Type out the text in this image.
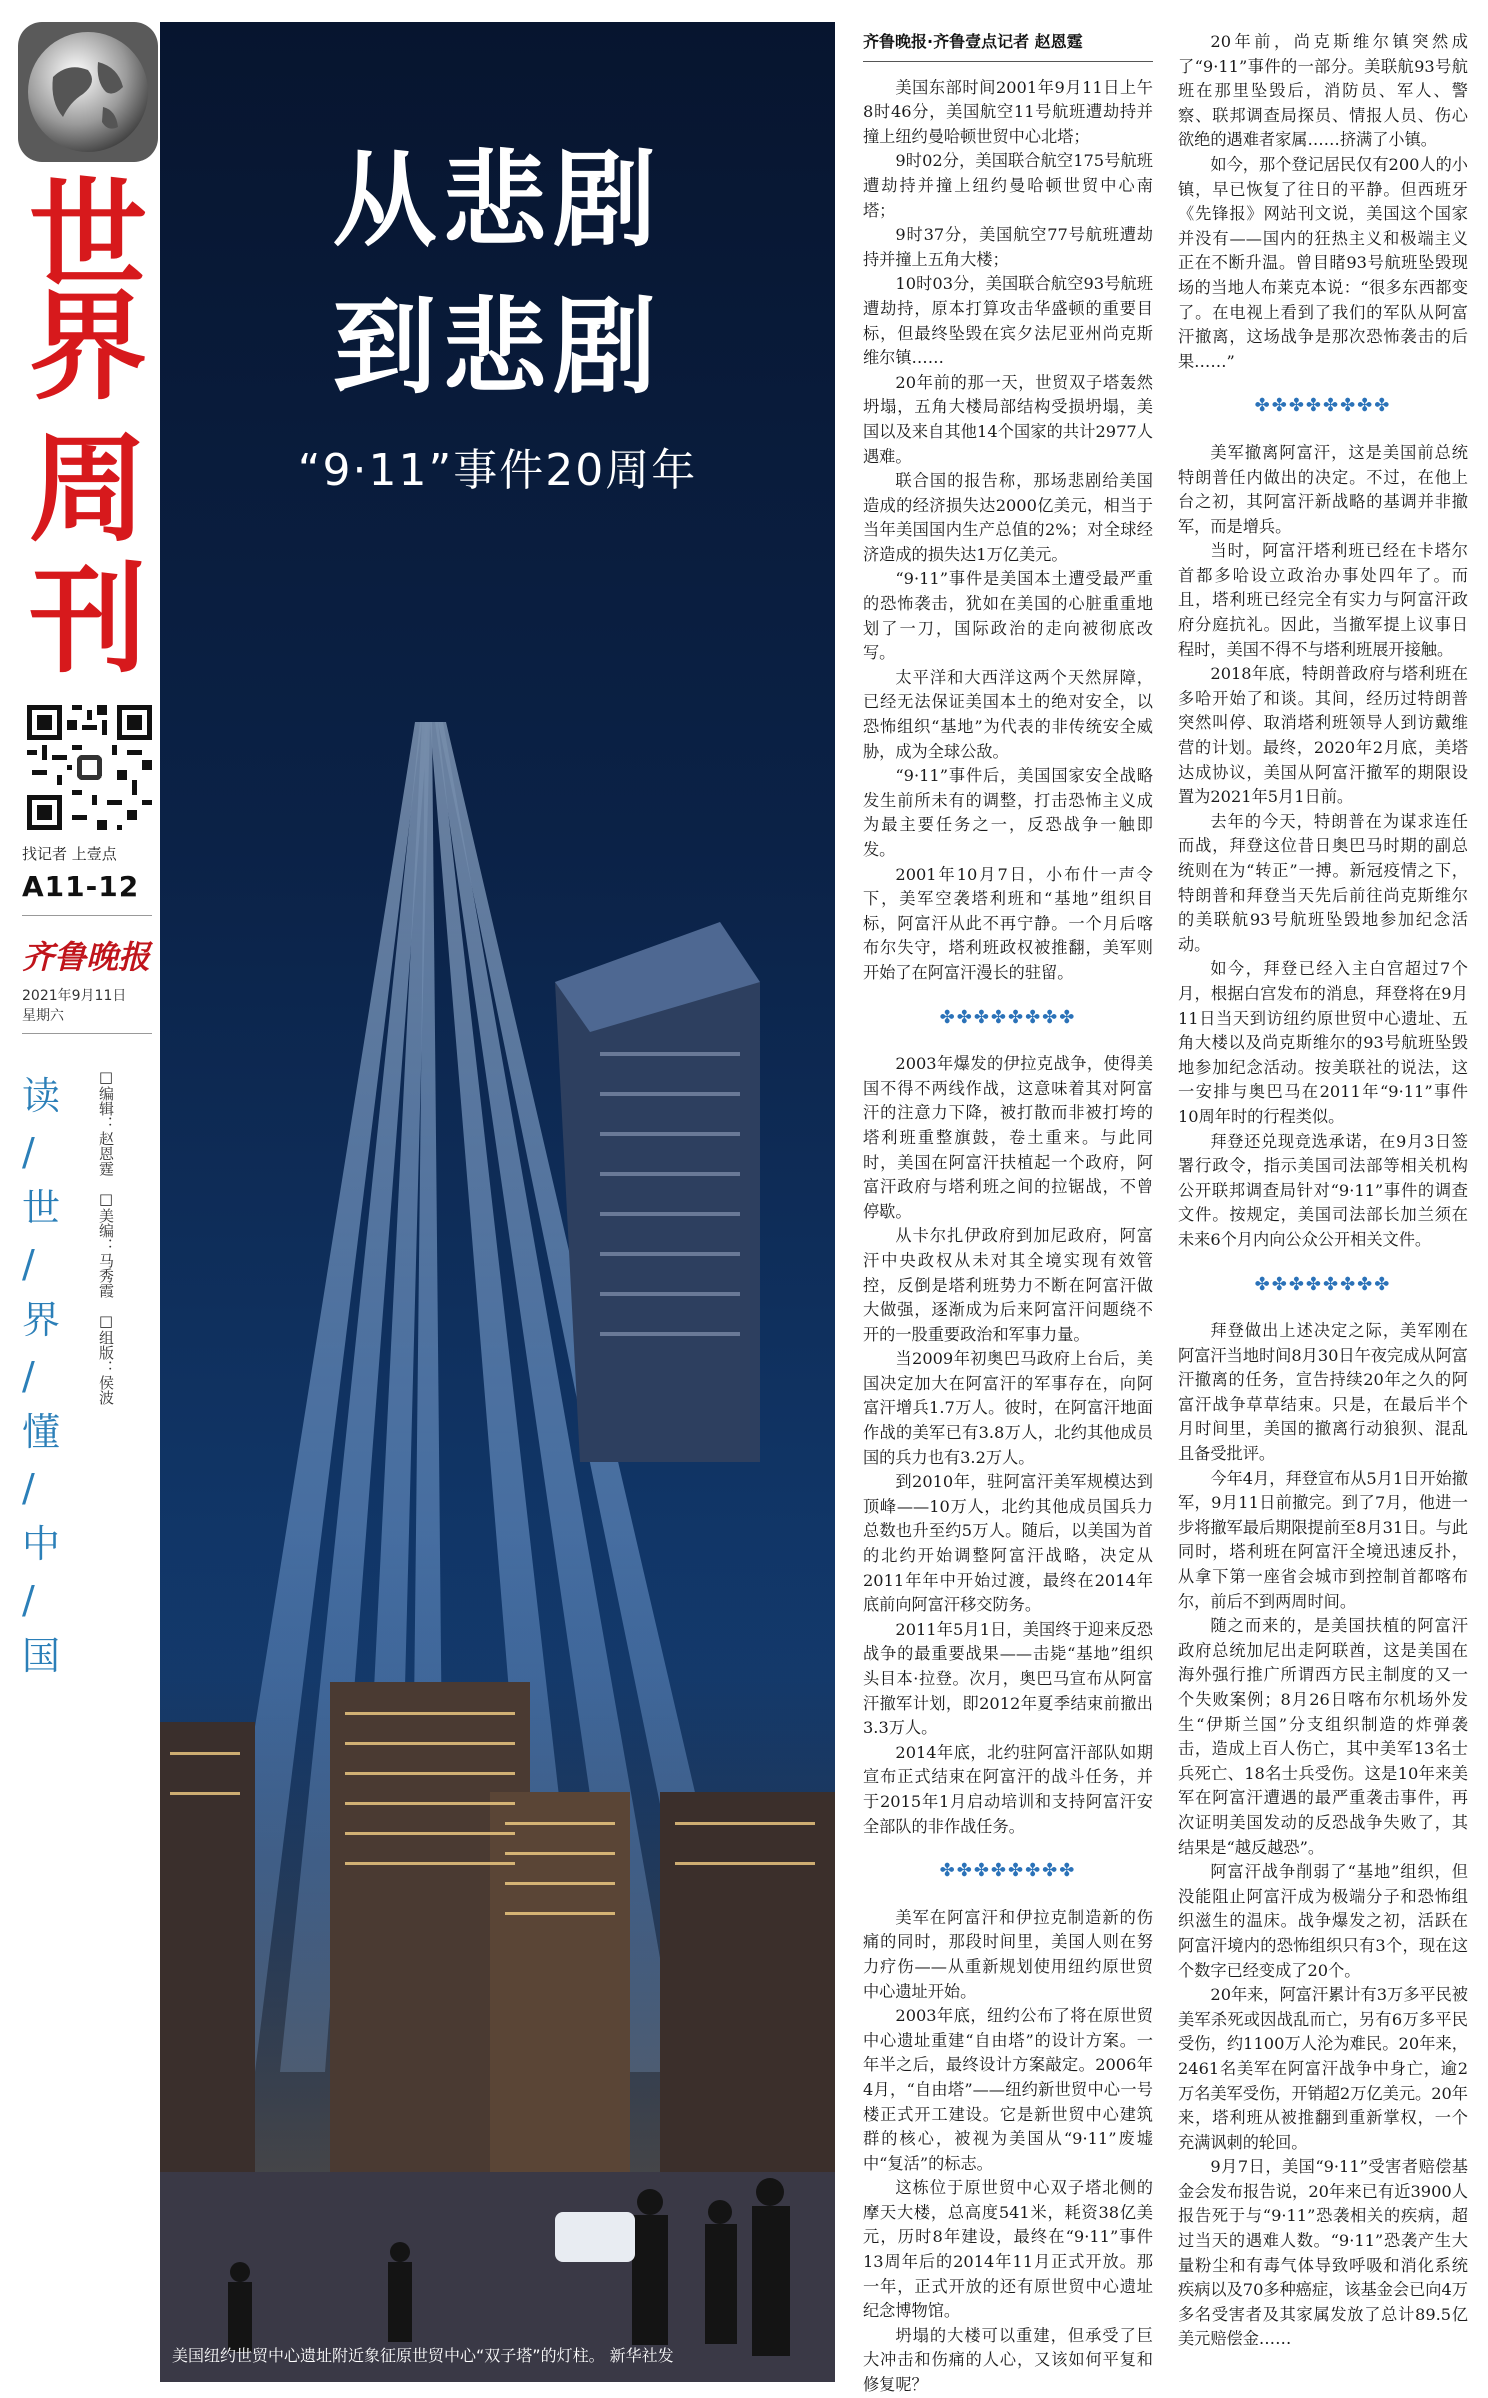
世
界
周
刊
找记者 上壹点
A11-12
齐鲁晚报
2021年9月11日
星期六
读
/
世
/
界
/
懂
/
中
/
国
□编辑：赵恩霆
□美编：马秀霞
□组版：侯波
从悲剧
到悲剧
“9·11”事件20周年
美国纽约世贸中心遗址附近象征原世贸中心“双子塔”的灯柱。 新华社发
齐鲁晚报·齐鲁壹点记者 赵恩霆

美国东部时间2001年9月11日上午8时46分，美国航空11号航班遭劫持并撞上纽约曼哈顿世贸中心北塔；

9时02分，美国联合航空175号航班遭劫持并撞上纽约曼哈顿世贸中心南塔；

9时37分，美国航空77号航班遭劫持并撞上五角大楼；

10时03分，美国联合航空93号航班遭劫持，原本打算攻击华盛顿的重要目标，但最终坠毁在宾夕法尼亚州尚克斯维尔镇……

20年前的那一天，世贸双子塔轰然坍塌，五角大楼局部结构受损坍塌，美国以及来自其他14个国家的共计2977人遇难。

联合国的报告称，那场悲剧给美国造成的经济损失达2000亿美元，相当于当年美国国内生产总值的2%；对全球经济造成的损失达1万亿美元。

“9·11”事件是美国本土遭受最严重的恐怖袭击，犹如在美国的心脏重重地划了一刀，国际政治的走向被彻底改写。

太平洋和大西洋这两个天然屏障，已经无法保证美国本土的绝对安全，以恐怖组织“基地”为代表的非传统安全威胁，成为全球公敌。

“9·11”事件后，美国国家安全战略发生前所未有的调整，打击恐怖主义成为最主要任务之一，反恐战争一触即发。

2001年10月7日，小布什一声令下，美军空袭塔利班和“基地”组织目标，阿富汗从此不再宁静。一个月后喀布尔失守，塔利班政权被推翻，美军则开始了在阿富汗漫长的驻留。

✤✤✤✤✤✤✤✤

2003年爆发的伊拉克战争，使得美国不得不两线作战，这意味着其对阿富汗的注意力下降，被打散而非被打垮的塔利班重整旗鼓，卷土重来。与此同时，美国在阿富汗扶植起一个政府，阿富汗政府与塔利班之间的拉锯战，不曾停歇。

从卡尔扎伊政府到加尼政府，阿富汗中央政权从未对其全境实现有效管控，反倒是塔利班势力不断在阿富汗做大做强，逐渐成为后来阿富汗问题绕不开的一股重要政治和军事力量。

当2009年初奥巴马政府上台后，美国决定加大在阿富汗的军事存在，向阿富汗增兵1.7万人。彼时，在阿富汗地面作战的美军已有3.8万人，北约其他成员国的兵力也有3.2万人。

到2010年，驻阿富汗美军规模达到顶峰——10万人，北约其他成员国兵力总数也升至约5万人。随后，以美国为首的北约开始调整阿富汗战略，决定从2011年年中开始过渡，最终在2014年底前向阿富汗移交防务。

2011年5月1日，美国终于迎来反恐战争的最重要战果——击毙“基地”组织头目本·拉登。次月，奥巴马宣布从阿富汗撤军计划，即2012年夏季结束前撤出3.3万人。

2014年底，北约驻阿富汗部队如期宣布正式结束在阿富汗的战斗任务，并于2015年1月启动培训和支持阿富汗安全部队的非作战任务。

✤✤✤✤✤✤✤✤

美军在阿富汗和伊拉克制造新的伤痛的同时，那段时间里，美国人则在努力疗伤——从重新规划使用纽约原世贸中心遗址开始。

2003年底，纽约公布了将在原世贸中心遗址重建“自由塔”的设计方案。一年半之后，最终设计方案敲定。2006年4月，“自由塔”——纽约新世贸中心一号楼正式开工建设。它是新世贸中心建筑群的核心，被视为美国从“9·11”废墟中“复活”的标志。

这栋位于原世贸中心双子塔北侧的摩天大楼，总高度541米，耗资38亿美元，历时8年建设，最终在“9·11”事件13周年后的2014年11月正式开放。那一年，正式开放的还有原世贸中心遗址纪念博物馆。

坍塌的大楼可以重建，但承受了巨大冲击和伤痛的人心，又该如何平复和修复呢？

20年前，尚克斯维尔镇突然成了“9·11”事件的一部分。美联航93号航班在那里坠毁后，消防员、军人、警察、联邦调查局探员、情报人员、伤心欲绝的遇难者家属……挤满了小镇。

如今，那个登记居民仅有200人的小镇，早已恢复了往日的平静。但西班牙《先锋报》网站刊文说，美国这个国家并没有——国内的狂热主义和极端主义正在不断升温。曾目睹93号航班坠毁现场的当地人布莱克本说：“很多东西都变了。在电视上看到了我们的军队从阿富汗撤离，这场战争是那次恐怖袭击的后果……”

✤✤✤✤✤✤✤✤

美军撤离阿富汗，这是美国前总统特朗普任内做出的决定。不过，在他上台之初，其阿富汗新战略的基调并非撤军，而是增兵。

当时，阿富汗塔利班已经在卡塔尔首都多哈设立政治办事处四年了。而且，塔利班已经完全有实力与阿富汗政府分庭抗礼。因此，当撤军提上议事日程时，美国不得不与塔利班展开接触。

2018年底，特朗普政府与塔利班在多哈开始了和谈。其间，经历过特朗普突然叫停、取消塔利班领导人到访戴维营的计划。最终，2020年2月底，美塔达成协议，美国从阿富汗撤军的期限设置为2021年5月1日前。

去年的今天，特朗普在为谋求连任而战，拜登这位昔日奥巴马时期的副总统则在为“转正”一搏。新冠疫情之下，特朗普和拜登当天先后前往尚克斯维尔的美联航93号航班坠毁地参加纪念活动。

如今，拜登已经入主白宫超过7个月，根据白宫发布的消息，拜登将在9月11日当天到访纽约原世贸中心遗址、五角大楼以及尚克斯维尔的93号航班坠毁地参加纪念活动。按美联社的说法，这一安排与奥巴马在2011年“9·11”事件10周年时的行程类似。

拜登还兑现竞选承诺，在9月3日签署行政令，指示美国司法部等相关机构公开联邦调查局针对“9·11”事件的调查文件。按规定，美国司法部长加兰须在未来6个月内向公众公开相关文件。

✤✤✤✤✤✤✤✤

拜登做出上述决定之际，美军刚在阿富汗当地时间8月30日午夜完成从阿富汗撤离的任务，宣告持续20年之久的阿富汗战争草草结束。只是，在最后半个月时间里，美国的撤离行动狼狈、混乱且备受批评。

今年4月，拜登宣布从5月1日开始撤军，9月11日前撤完。到了7月，他进一步将撤军最后期限提前至8月31日。与此同时，塔利班在阿富汗全境迅速反扑，从拿下第一座省会城市到控制首都喀布尔，前后不到两周时间。

随之而来的，是美国扶植的阿富汗政府总统加尼出走阿联酋，这是美国在海外强行推广所谓西方民主制度的又一个失败案例；8月26日喀布尔机场外发生“伊斯兰国”分支组织制造的炸弹袭击，造成上百人伤亡，其中美军13名士兵死亡、18名士兵受伤。这是10年来美军在阿富汗遭遇的最严重袭击事件，再次证明美国发动的反恐战争失败了，其结果是“越反越恐”。

阿富汗战争削弱了“基地”组织，但没能阻止阿富汗成为极端分子和恐怖组织滋生的温床。战争爆发之初，活跃在阿富汗境内的恐怖组织只有3个，现在这个数字已经变成了20个。

20年来，阿富汗累计有3万多平民被美军杀死或因战乱而亡，另有6万多平民受伤，约1100万人沦为难民。20年来，2461名美军在阿富汗战争中身亡，逾2万名美军受伤，开销超2万亿美元。20年来，塔利班从被推翻到重新掌权，一个充满讽刺的轮回。

9月7日，美国“9·11”受害者赔偿基金会发布报告说，20年来已有近3900人报告死于与“9·11”恐袭相关的疾病，超过当天的遇难人数。“9·11”恐袭产生大量粉尘和有毒气体导致呼吸和消化系统疾病以及70多种癌症，该基金会已向4万多名受害者及其家属发放了总计89.5亿美元赔偿金……
